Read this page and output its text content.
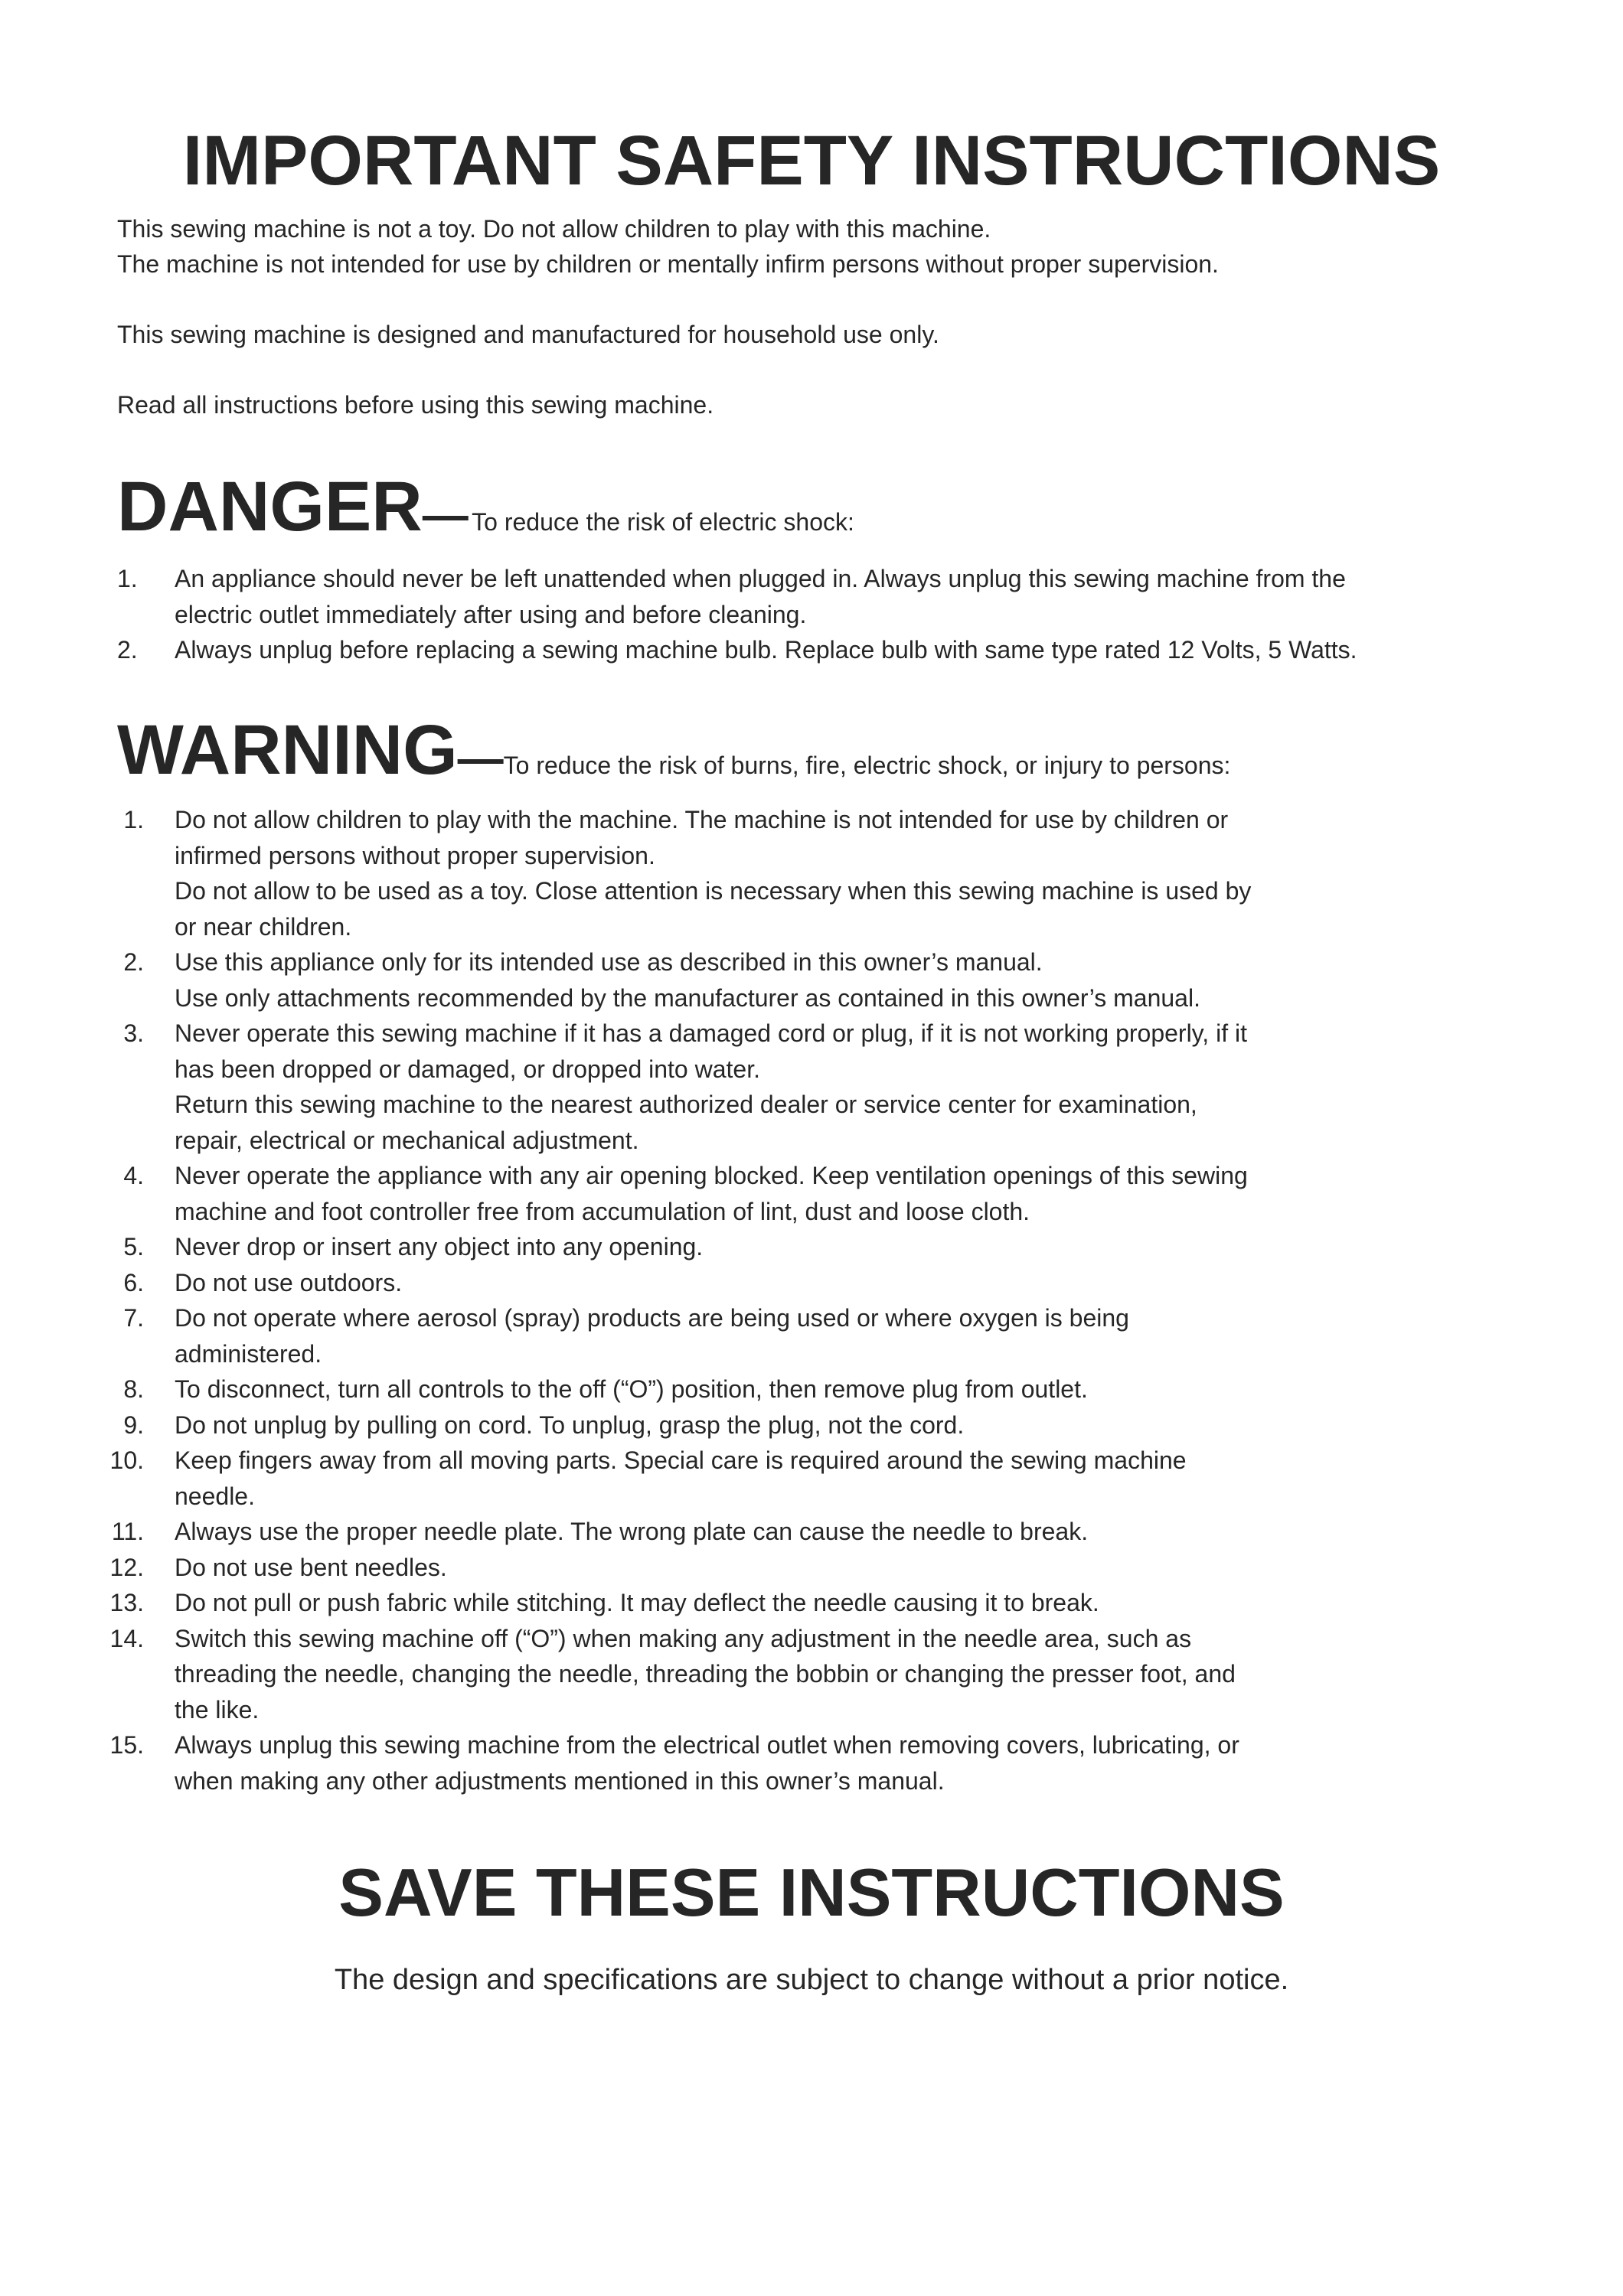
IMPORTANT SAFETY INSTRUCTIONS

This sewing machine is not a toy. Do not allow children to play with this machine.

The machine is not intended for use by children or mentally infirm persons without proper supervision.

This sewing machine is designed and manufactured for household use only.

Read all instructions before using this sewing machine.

DANGER— To reduce the risk of electric shock:
1.	An appliance should never be left unattended when plugged in. Always unplug this sewing machine from the
electric outlet immediately after using and before cleaning.
2.	Always unplug before replacing a sewing machine bulb. Replace bulb with same type rated 12 Volts, 5 Watts.
WARNING—To reduce the risk of burns, fire, electric shock, or injury to persons:
1. Do not allow children to play with the machine. The machine is not intended for use by children or
infirmed persons without proper supervision.
Do not allow to be used as a toy. Close attention is necessary when this sewing machine is used by
or near children.
2. Use this appliance only for its intended use as described in this owner’s manual.
Use only attachments recommended by the manufacturer as contained in this owner’s manual.
3. Never operate this sewing machine if it has a damaged cord or plug, if it is not working properly, if it
has been dropped or damaged, or dropped into water.
Return this sewing machine to the nearest authorized dealer or service center for examination,
repair, electrical or mechanical adjustment.
4. Never operate the appliance with any air opening blocked. Keep ventilation openings of this sewing
machine and foot controller free from accumulation of lint, dust and loose cloth.
5. Never drop or insert any object into any opening.
6. Do not use outdoors.
7. Do not operate where aerosol (spray) products are being used or where oxygen is being
administered.
8. To disconnect, turn all controls to the off (“O”) position, then remove plug from outlet.
9. Do not unplug by pulling on cord. To unplug, grasp the plug, not the cord.
10. Keep fingers away from all moving parts. Special care is required around the sewing machine
needle.
11. Always use the proper needle plate. The wrong plate can cause the needle to break.
12. Do not use bent needles.
13. Do not pull or push fabric while stitching. It may deflect the needle causing it to break.
14. Switch this sewing machine off (“O”) when making any adjustment in the needle area, such as
threading the needle, changing the needle, threading the bobbin or changing the presser foot, and
the like.
15. Always unplug this sewing machine from the electrical outlet when removing covers, lubricating, or
when making any other adjustments mentioned in this owner’s manual.
SAVE THESE INSTRUCTIONS

The design and specifications are subject to change without a prior notice.
